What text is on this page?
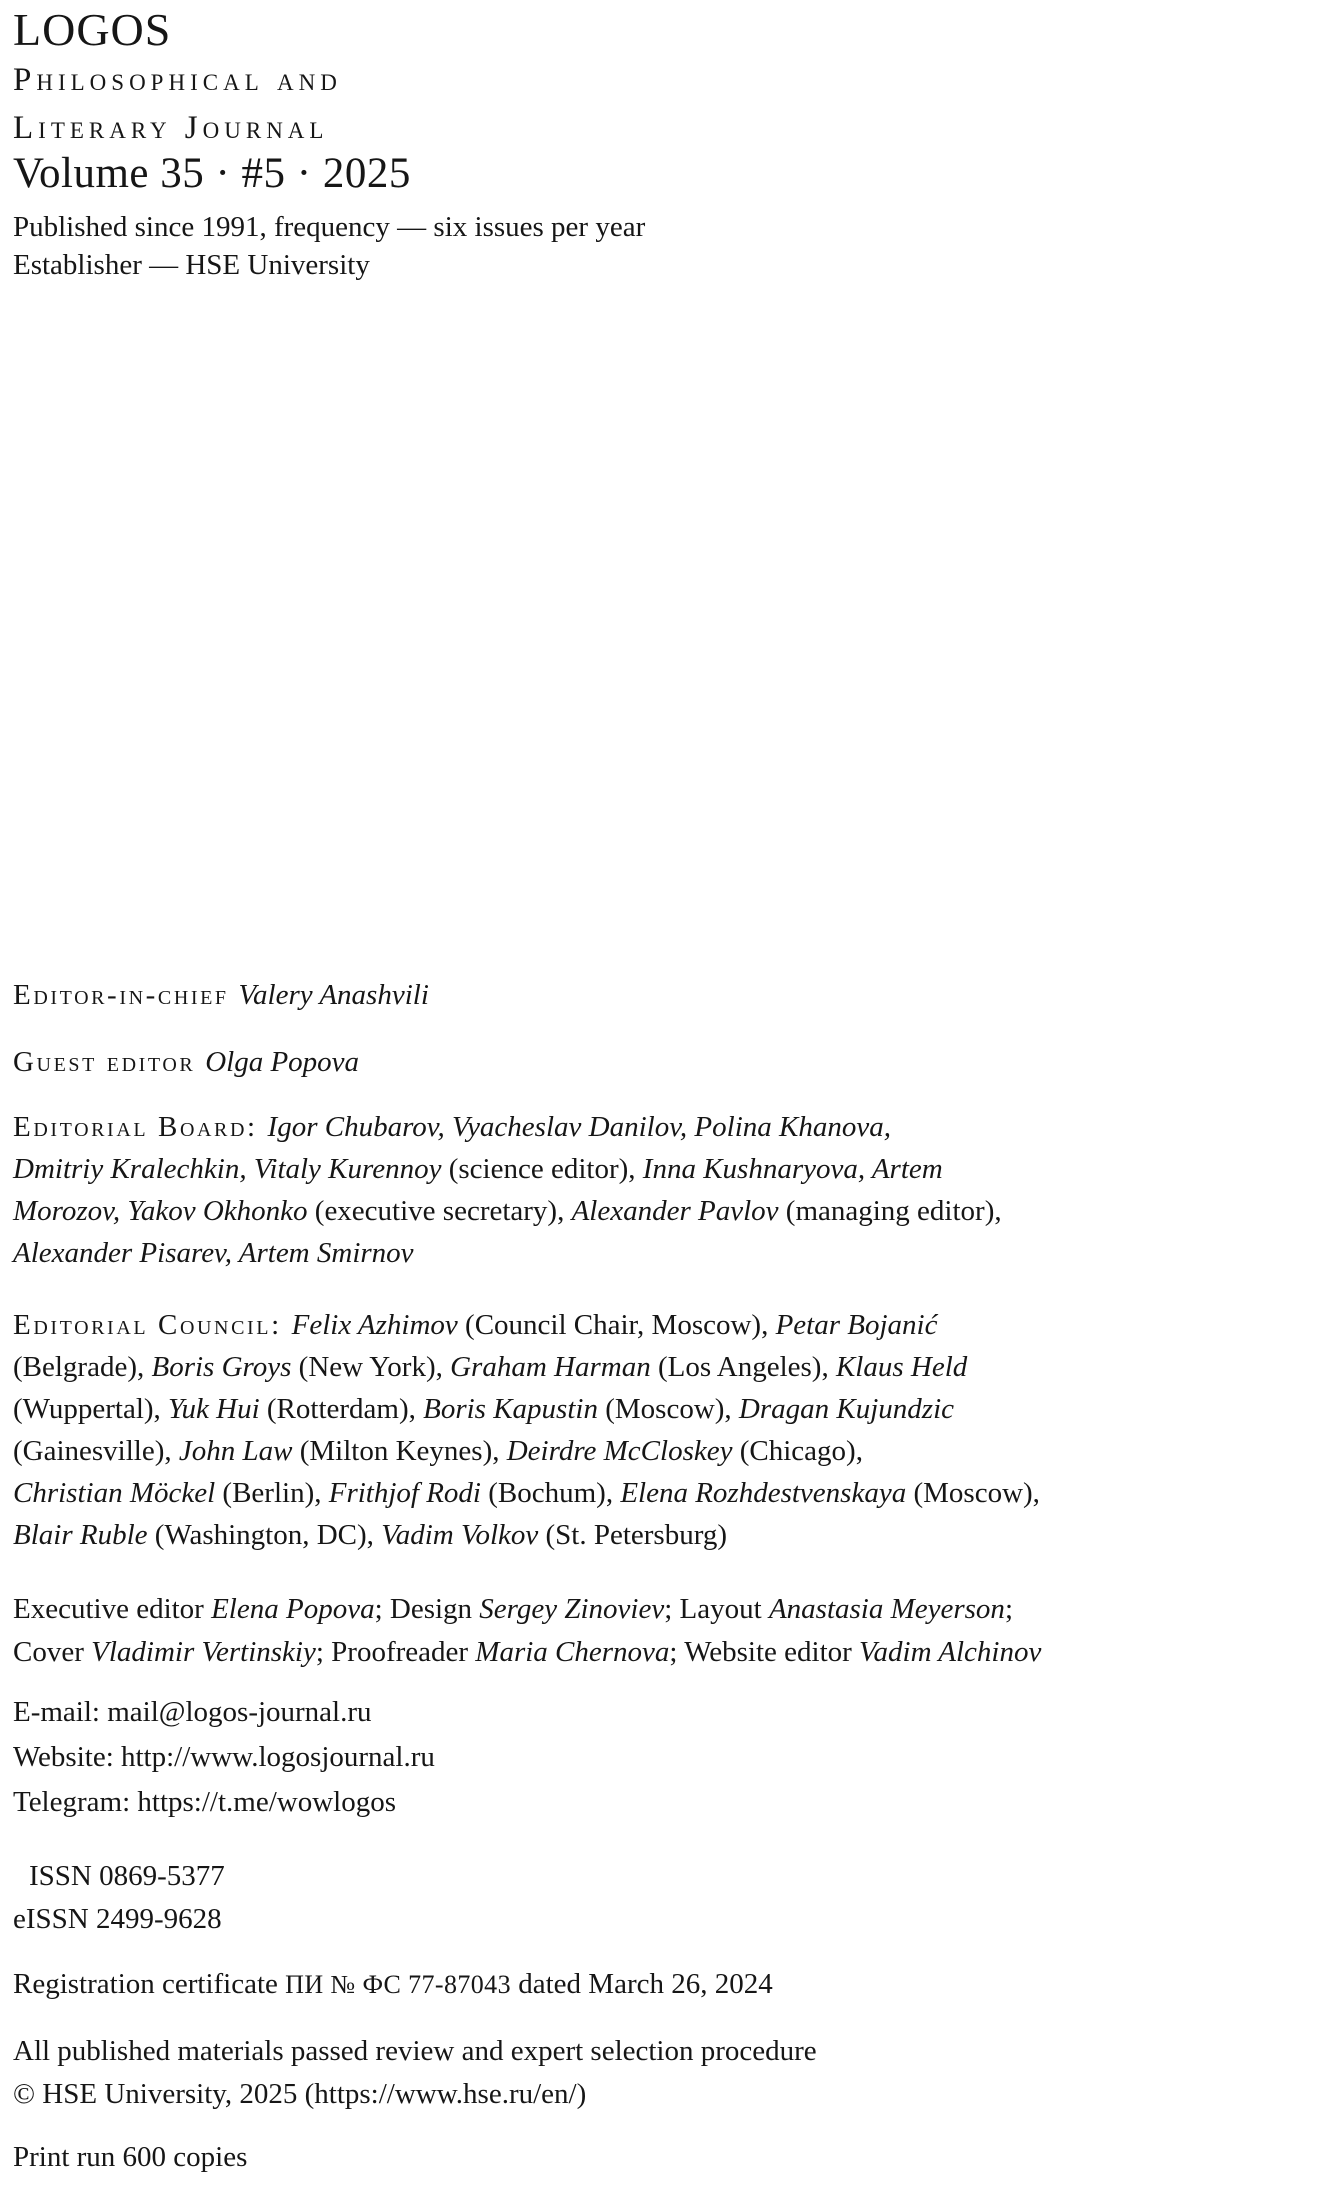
LOGOS
Philosophical and
Literary Journal
Volume 35 · #5 · 2025
Published since 1991, frequency — six issues per year
Establisher — HSE University
Editor-in-chief Valery Anashvili
Guest editor Olga Popova
Editorial Board: Igor Chubarov, Vyacheslav Danilov, Polina Khanova,
Dmitriy Kralechkin, Vitaly Kurennoy (science editor), Inna Kushnaryova, Artem
Morozov, Yakov Okhonko (executive secretary), Alexander Pavlov (managing editor),
Alexander Pisarev, Artem Smirnov
Editorial Council: Felix Azhimov (Council Chair, Moscow), Petar Bojanić
(Belgrade), Boris Groys (New York), Graham Harman (Los Angeles), Klaus Held
(Wuppertal), Yuk Hui (Rotterdam), Boris Kapustin (Moscow), Dragan Kujundzic
(Gainesville), John Law (Milton Keynes), Deirdre McCloskey (Chicago),
Christian Möckel (Berlin), Frithjof Rodi (Bochum), Elena Rozhdestvenskaya (Moscow),
Blair Ruble (Washington, DC), Vadim Volkov (St. Petersburg)
Executive editor Elena Popova; Design Sergey Zinoviev; Layout Anastasia Meyerson;
Cover Vladimir Vertinskiy; Proofreader Maria Chernova; Website editor Vadim Alchinov
E-mail: mail@logos-journal.ru
Website: http://www.logosjournal.ru
Telegram: https://t.me/wowlogos
ISSN 0869-5377
eISSN 2499-9628
Registration certificate ПИ № ФС 77-87043 dated March 26, 2024
All published materials passed review and expert selection procedure
© HSE University, 2025 (https://www.hse.ru/en/)
Print run 600 copies
